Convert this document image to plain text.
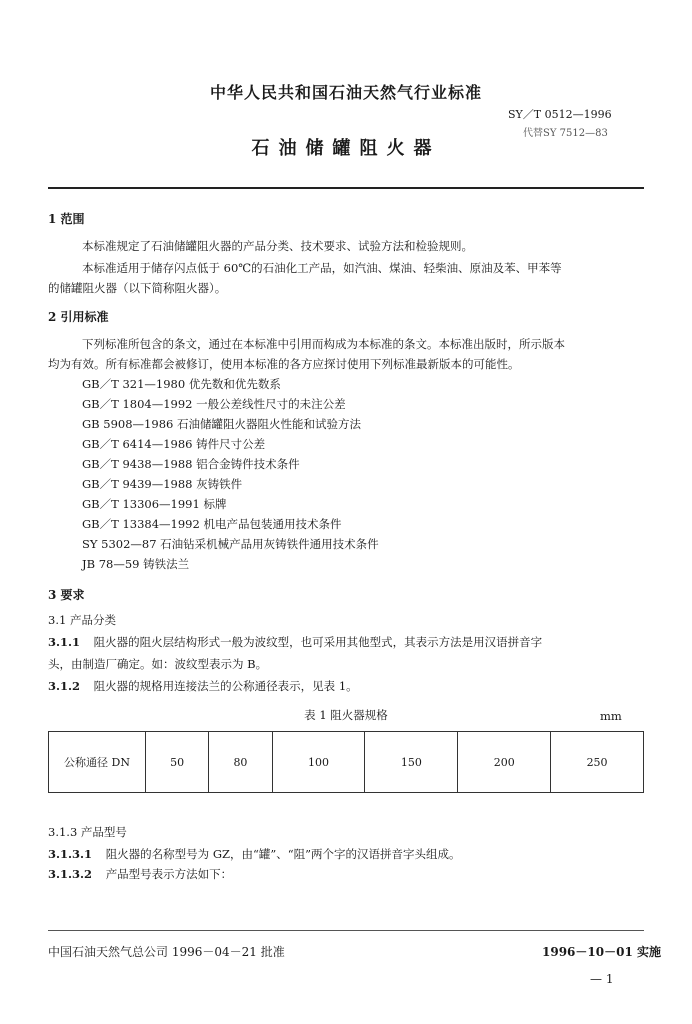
中华人民共和国石油天然气行业标准
SY／T 0512—1996
代替SY 7512—83
石油储罐阻火器
1 范围
本标准规定了石油储罐阻火器的产品分类、技术要求、试验方法和检验规则。
本标准适用于储存闪点低于 60℃的石油化工产品，如汽油、煤油、轻柴油、原油及苯、甲苯等
的储罐阻火器（以下简称阻火器）。
2 引用标准
下列标准所包含的条文，通过在本标准中引用而构成为本标准的条文。本标准出版时，所示版本
均为有效。所有标准都会被修订，使用本标准的各方应探讨使用下列标准最新版本的可能性。
GB／T 321—1980 优先数和优先数系
GB／T 1804—1992 一般公差线性尺寸的未注公差
GB 5908—1986 石油储罐阻火器阻火性能和试验方法
GB／T 6414—1986 铸件尺寸公差
GB／T 9438—1988 铝合金铸件技术条件
GB／T 9439—1988 灰铸铁件
GB／T 13306—1991 标牌
GB／T 13384—1992 机电产品包装通用技术条件
SY 5302—87 石油钻采机械产品用灰铸铁件通用技术条件
JB 78—59 铸铁法兰
3 要求
3.1 产品分类
3.1.1 阻火器的阻火层结构形式一般为波纹型，也可采用其他型式，其表示方法是用汉语拼音字
头，由制造厂确定。如：波纹型表示为 B。
3.1.2 阻火器的规格用连接法兰的公称通径表示，见表 1。
表 1 阻火器规格	mm
公称通径 DN	50	80	100	150	200	250
3.1.3 产品型号
3.1.3.1 阻火器的名称型号为 GZ，由“罐”、“阻”两个字的汉语拼音字头组成。
3.1.3.2 产品型号表示方法如下：
中国石油天然气总公司 1996－04－21 批准	1996－10－01 实施
— 1
